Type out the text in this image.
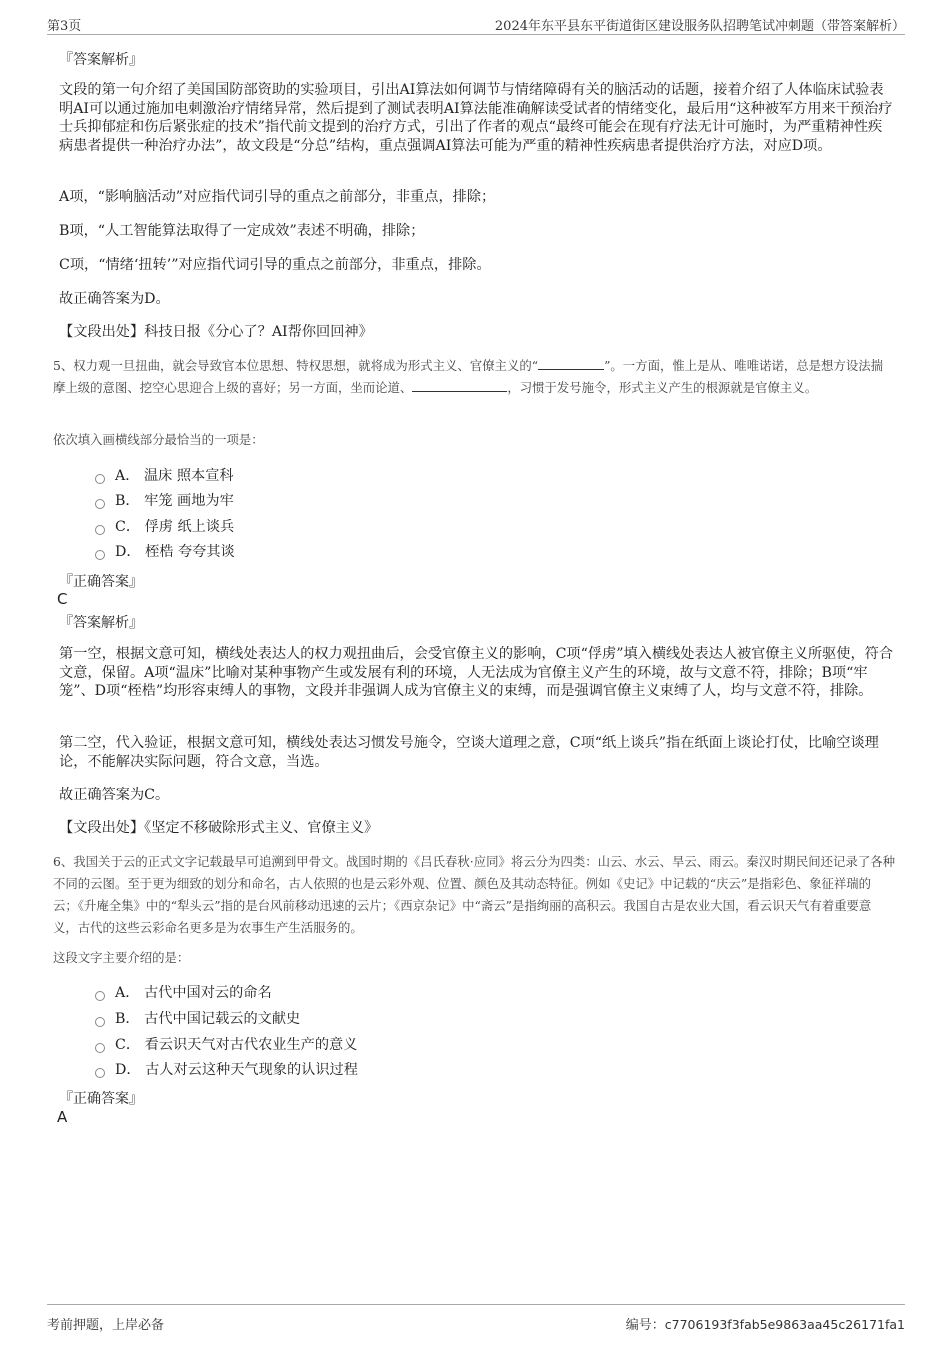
第3页	2024年东平县东平街道街区建设服务队招聘笔试冲刺题（带答案解析）
『答案解析』

文段的第一句介绍了美国国防部资助的实验项目，引出AI算法如何调节与情绪障碍有关的脑活动的话题，接着介绍了人体临床试验表明AI可以通过施加电刺激治疗情绪异常，然后提到了测试表明AI算法能准确解读受试者的情绪变化，最后用“这种被军方用来干预治疗士兵抑郁症和伤后紧张症的技术”指代前文提到的治疗方式，引出了作者的观点“最终可能会在现有疗法无计可施时，为严重精神性疾病患者提供一种治疗办法”，故文段是“分总”结构，重点强调AI算法可能为严重的精神性疾病患者提供治疗方法，对应D项。

A项，“影响脑活动”对应指代词引导的重点之前部分，非重点，排除；

B项，“人工智能算法取得了一定成效”表述不明确，排除；

C项，“情绪‘扭转’”对应指代词引导的重点之前部分，非重点，排除。

故正确答案为D。

【文段出处】科技日报《分心了？AI帮你回回神》

5、权力观一旦扭曲，就会导致官本位思想、特权思想，就将成为形式主义、官僚主义的“	”。一方面，惟上是从、唯唯诺诺，总是想方设法揣摩上级的意图、挖空心思迎合上级的喜好；另一方面，坐而论道、	，习惯于发号施令，形式主义产生的根源就是官僚主义。

依次填入画横线部分最恰当的一项是：
A． 温床 照本宣科
B． 牢笼 画地为牢
C． 俘虏 纸上谈兵
D． 桎梏 夸夸其谈
『正确答案』
C
『答案解析』

第一空，根据文意可知，横线处表达人的权力观扭曲后，会受官僚主义的影响，C项“俘虏”填入横线处表达人被官僚主义所驱使，符合文意，保留。A项“温床”比喻对某种事物产生或发展有利的环境，人无法成为官僚主义产生的环境，故与文意不符，排除；B项“牢笼”、D项“桎梏”均形容束缚人的事物，文段并非强调人成为官僚主义的束缚，而是强调官僚主义束缚了人，均与文意不符，排除。

第二空，代入验证，根据文意可知，横线处表达习惯发号施令，空谈大道理之意，C项“纸上谈兵”指在纸面上谈论打仗，比喻空谈理论，不能解决实际问题，符合文意，当选。

故正确答案为C。

【文段出处】《坚定不移破除形式主义、官僚主义》

6、我国关于云的正式文字记载最早可追溯到甲骨文。战国时期的《吕氏春秋·应同》将云分为四类：山云、水云、旱云、雨云。秦汉时期民间还记录了各种不同的云图。至于更为细致的划分和命名，古人依照的也是云彩外观、位置、颜色及其动态特征。例如《史记》中记载的“庆云”是指彩色、象征祥瑞的云；《升庵全集》中的“犁头云”指的是台风前移动迅速的云片；《西京杂记》中“斋云”是指绚丽的高积云。我国自古是农业大国，看云识天气有着重要意义，古代的这些云彩命名更多是为农事生产生活服务的。

这段文字主要介绍的是：
A． 古代中国对云的命名
B． 古代中国记载云的文献史
C． 看云识天气对古代农业生产的意义
D． 古人对云这种天气现象的认识过程
『正确答案』
A
考前押题，上岸必备	编号：c7706193f3fab5e9863aa45c26171fa1
